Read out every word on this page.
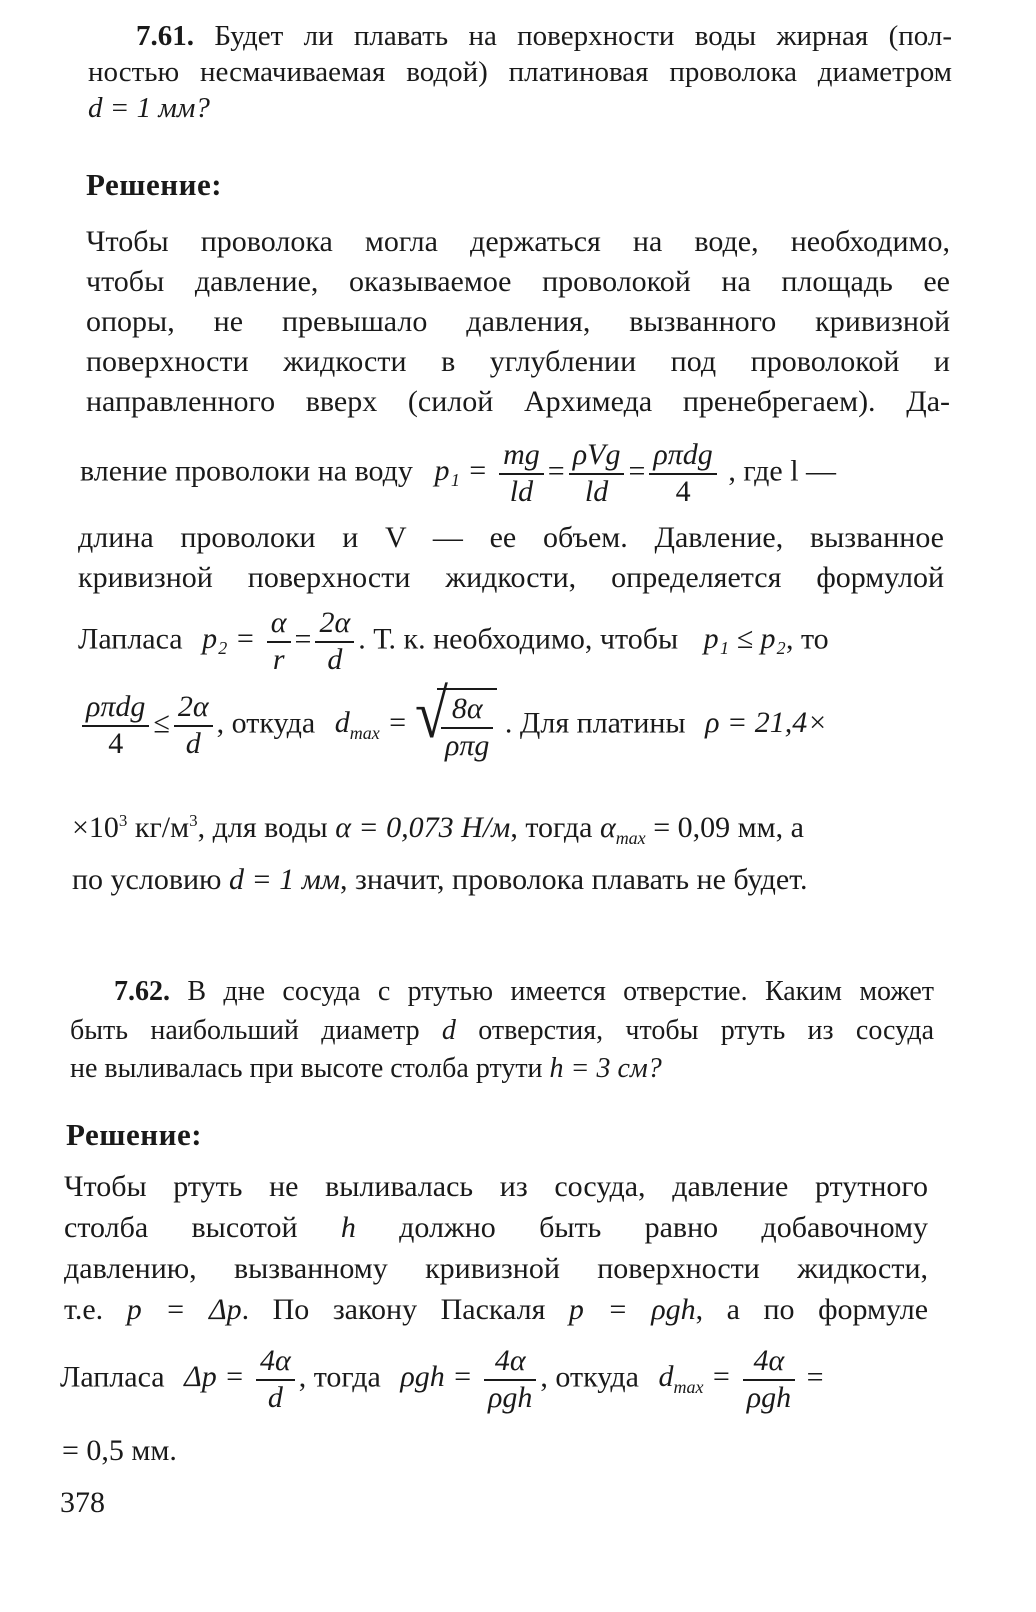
7.61. Будет ли плавать на поверхности воды жирная (пол-
ностью несмачиваемая водой) платиновая проволока диаметром
d = 1 мм?
Решение:
Чтобы проволока могла держаться на воде, необходимо,
чтобы давление, оказываемое проволокой на площадь ее
опоры, не превышало давления, вызванного кривизной
поверхности жидкости в углублении под проволокой и
направленного вверх (силой Архимеда пренебрегаем). Да-
вление проволоки на воду $p_1 = \frac{mg}{ld} = \rho Vg$
ld
= ρπdg
4
, где l —
длина проволоки и V — ее объем. Давление, вызванное
кривизной поверхности жидкости, определяется формулой
Лапласа $p_2 = \frac{\alpha}{r} = \frac{2\alpha}{d}$ . Т. к. необходимо, чтобы p₁ ≤ p₂, то
ρπdg
4
≤ $\frac{2\alpha}{d}$ , откуда $d_{max}$ = √ 8α
ρπg
. Для платины ρ = 21,4×
$\times 10^3$ $кг/м^3$, для воды α = 0,073 Н/м, тогда $\alpha_{max} = 0,09$ мм, а
по условию d = 1 мм, значит, проволока плавать не будет.
7.62. В дне сосуда с ртутью имеется отверстие. Каким может
быть наибольший диаметр d отверстия, чтобы ртуть из сосуда
не выливалась при высоте столба ртути h = 3 см?
Решение:
Чтобы ртуть не выливалась из сосуда, давление ртутного
столба высотой h должно быть равно добавочному
давлению, вызванному кривизной поверхности жидкости,
т.е. p = Δp. По закону Паскаля p = ρgh, а по формуле
Лапласа $\Delta p = \frac{4\alpha}{d}$ , тогда ρgh = 4α
ρgh
, откуда $d_{max} = 4\alpha$
ρgh
=
= 0,5 мм.
378
